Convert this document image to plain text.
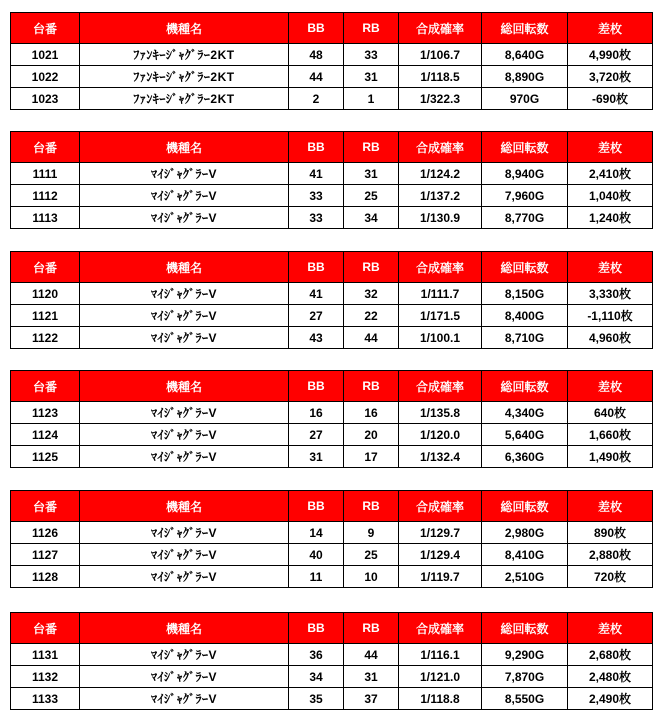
台番	機種名	BB	RB	合成確率	総回転数	差枚
1021	ﾌｧﾝｷｰｼﾞｬｸﾞﾗｰ2KT	48	33	1/106.7	8,640G	4,990枚
1022	ﾌｧﾝｷｰｼﾞｬｸﾞﾗｰ2KT	44	31	1/118.5	8,890G	3,720枚
1023	ﾌｧﾝｷｰｼﾞｬｸﾞﾗｰ2KT	2	1	1/322.3	970G	-690枚
台番	機種名	BB	RB	合成確率	総回転数	差枚
1111	ﾏｲｼﾞｬｸﾞﾗｰV	41	31	1/124.2	8,940G	2,410枚
1112	ﾏｲｼﾞｬｸﾞﾗｰV	33	25	1/137.2	7,960G	1,040枚
1113	ﾏｲｼﾞｬｸﾞﾗｰV	33	34	1/130.9	8,770G	1,240枚
台番	機種名	BB	RB	合成確率	総回転数	差枚
1120	ﾏｲｼﾞｬｸﾞﾗｰV	41	32	1/111.7	8,150G	3,330枚
1121	ﾏｲｼﾞｬｸﾞﾗｰV	27	22	1/171.5	8,400G	-1,110枚
1122	ﾏｲｼﾞｬｸﾞﾗｰV	43	44	1/100.1	8,710G	4,960枚
台番	機種名	BB	RB	合成確率	総回転数	差枚
1123	ﾏｲｼﾞｬｸﾞﾗｰV	16	16	1/135.8	4,340G	640枚
1124	ﾏｲｼﾞｬｸﾞﾗｰV	27	20	1/120.0	5,640G	1,660枚
1125	ﾏｲｼﾞｬｸﾞﾗｰV	31	17	1/132.4	6,360G	1,490枚
台番	機種名	BB	RB	合成確率	総回転数	差枚
1126	ﾏｲｼﾞｬｸﾞﾗｰV	14	9	1/129.7	2,980G	890枚
1127	ﾏｲｼﾞｬｸﾞﾗｰV	40	25	1/129.4	8,410G	2,880枚
1128	ﾏｲｼﾞｬｸﾞﾗｰV	11	10	1/119.7	2,510G	720枚
台番	機種名	BB	RB	合成確率	総回転数	差枚
1131	ﾏｲｼﾞｬｸﾞﾗｰV	36	44	1/116.1	9,290G	2,680枚
1132	ﾏｲｼﾞｬｸﾞﾗｰV	34	31	1/121.0	7,870G	2,480枚
1133	ﾏｲｼﾞｬｸﾞﾗｰV	35	37	1/118.8	8,550G	2,490枚
